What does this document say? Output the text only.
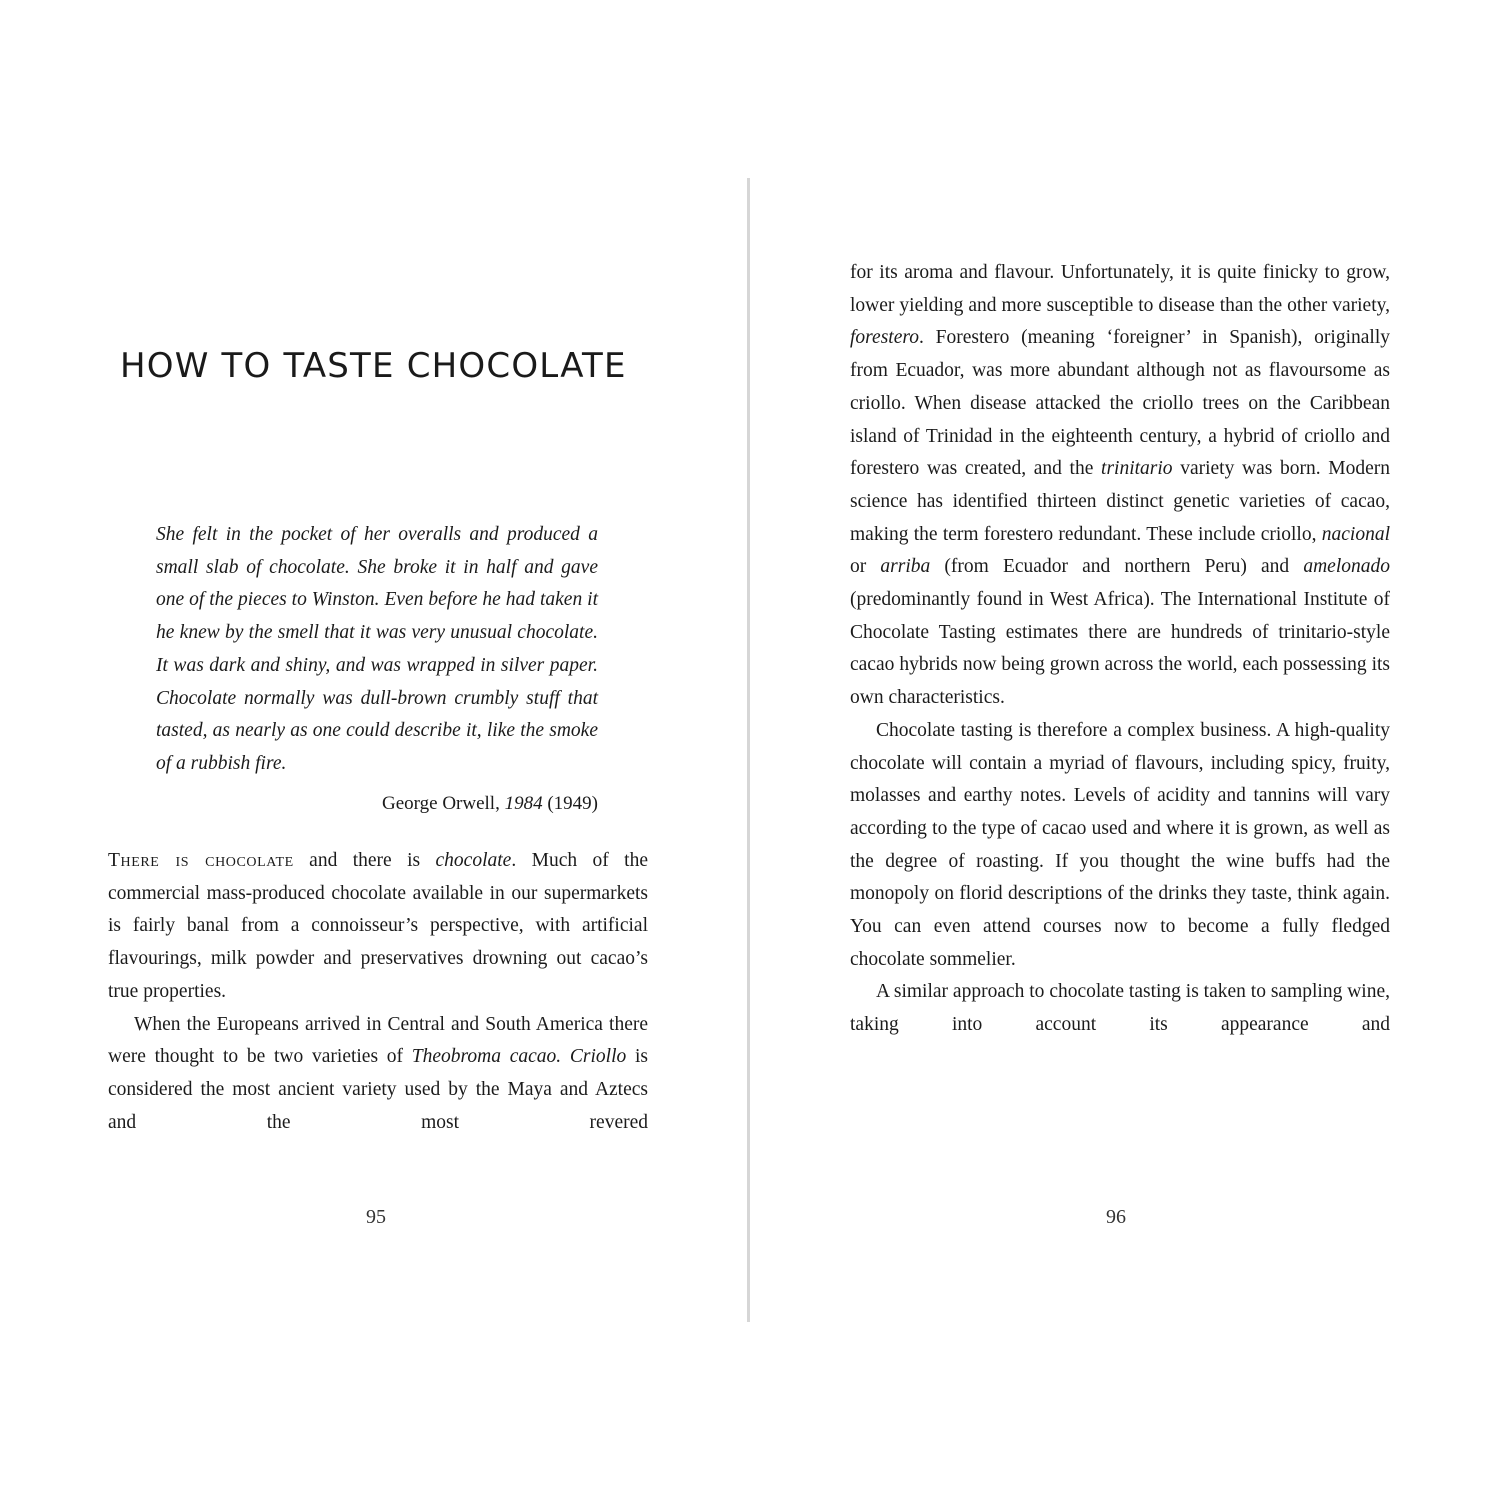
HOW TO TASTE CHOCOLATE

She felt in the pocket of her overalls and produced a small slab of chocolate. She broke it in half and gave one of the pieces to Winston. Even before he had taken it he knew by the smell that it was very unusual chocolate. It was dark and shiny, and was wrapped in silver paper. Chocolate normally was dull-brown crumbly stuff that tasted, as nearly as one could describe it, like the smoke of a rubbish fire.

George Orwell, 1984 (1949)

There is chocolate and there is chocolate. Much of the commercial mass-produced chocolate available in our supermarkets is fairly banal from a connoisseur’s perspective, with artificial flavourings, milk powder and preservatives drowning out cacao’s true properties.

When the Europeans arrived in Central and South America there were thought to be two varieties of Theobroma cacao. Criollo is considered the most ancient variety used by the Maya and Aztecs and the most revered

95

for its aroma and flavour. Unfortunately, it is quite finicky to grow, lower yielding and more susceptible to disease than the other variety, forestero. Forestero (meaning ‘foreigner’ in Spanish), originally from Ecuador, was more abundant although not as flavoursome as criollo. When disease attacked the criollo trees on the Caribbean island of Trinidad in the eighteenth century, a hybrid of criollo and forestero was created, and the trinitario variety was born. Modern science has identified thirteen distinct genetic varieties of cacao, making the term forestero redundant. These include criollo, nacional or arriba (from Ecuador and northern Peru) and amelonado (predominantly found in West Africa). The International Institute of Chocolate Tasting estimates there are hundreds of trinitario-style cacao hybrids now being grown across the world, each possessing its own characteristics.

Chocolate tasting is therefore a complex business. A high-quality chocolate will contain a myriad of flavours, including spicy, fruity, molasses and earthy notes. Levels of acidity and tannins will vary according to the type of cacao used and where it is grown, as well as the degree of roasting. If you thought the wine buffs had the monopoly on florid descriptions of the drinks they taste, think again. You can even attend courses now to become a fully fledged chocolate sommelier.

A similar approach to chocolate tasting is taken to sampling wine, taking into account its appearance and

96
